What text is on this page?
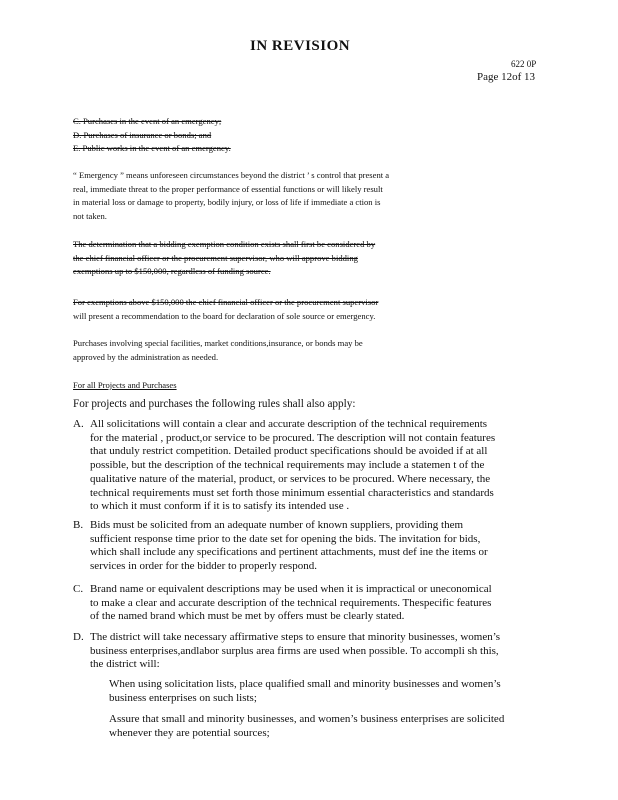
IN REVISION
622 0P
Page 12of 13
C. Purchases in the event of an emergency;
D. Purchases of insurance or bonds; and
E. Public works in the event of an emergency.
“ Emergency ” means unforeseen circumstances beyond the district ’ s control that present a
real, immediate threat to the proper performance of essential functions or will likely result
in material loss or damage to property, bodily injury, or loss of life if immediate a ction is
not taken.
The determination that a bidding exemption condition exists shall first be considered by
the chief financial officer or the procurement supervisor, who will approve bidding
exemptions up to $150,000, regardless of funding source.
For exemptions above $150,000 the chief financial officer or the procurement supervisor
will present a recommendation to the board for declaration of sole source or emergency.
Purchases involving special facilities, market conditions,insurance, or bonds may be
approved by the administration as needed.
For all Projects and Purchases
For projects and purchases the following rules shall also apply:
A. All solicitations will contain a clear and accurate description of the technical requirements
for the material , product,or service to be procured. The description will not contain features
that unduly restrict competition. Detailed product specifications should be avoided if at all
possible, but the description of the technical requirements may include a statemen t of the
qualitative nature of the material, product, or services to be procured. Where necessary, the
technical requirements must set forth those minimum essential characteristics and standards
to which it must conform if it is to satisfy its intended use .
B. Bids must be solicited from an adequate number of known suppliers, providing them
sufficient response time prior to the date set for opening the bids. The invitation for bids,
which shall include any specifications and pertinent attachments, must def ine the items or
services in order for the bidder to properly respond.
C. Brand name or equivalent descriptions may be used when it is impractical or uneconomical
to make a clear and accurate description of the technical requirements. Thespecific features
of the named brand which must be met by offers must be clearly stated.
D. The district will take necessary affirmative steps to ensure that minority businesses, women’s
business enterprises,andlabor surplus area firms are used when possible. To accompli sh this,
the district will:
When using solicitation lists, place qualified small and minority businesses and women’s
business enterprises on such lists;
Assure that small and minority businesses, and women’s business enterprises are solicited
whenever they are potential sources;
